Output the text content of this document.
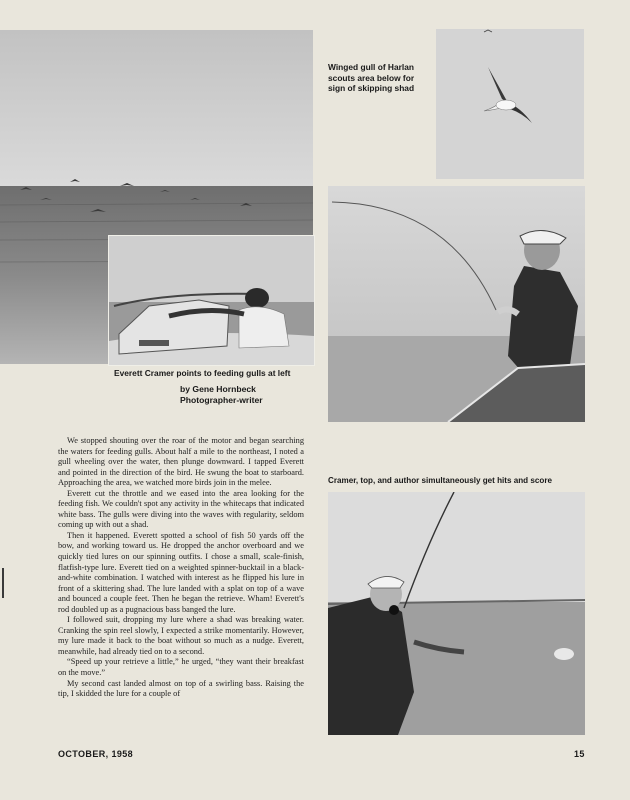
Winged gull of Harlan
scouts area below for
sign of skipping shad
Everett Cramer points to feeding gulls at left
Cramer, top, and author simultaneously get hits and score
by Gene Hornbeck
Photographer-writer

We stopped shouting over the roar of the motor and began searching the waters for feeding gulls. About half a mile to the northeast, I noted a gull wheeling over the water, then plunge downward. I tapped Everett and pointed in the direction of the bird. He swung the boat to starboard. Approaching the area, we watched more birds join in the melee.

Everett cut the throttle and we eased into the area looking for the feeding fish. We couldn't spot any activity in the whitecaps that indicated white bass. The gulls were diving into the waves with regularity, seldom coming up with out a shad.

Then it happened. Everett spotted a school of fish 50 yards off the bow, and working toward us. He dropped the anchor overboard and we quickly tied lures on our spinning outfits. I chose a small, scale-finish, flatfish-type lure. Everett tied on a weighted spinner-bucktail in a black-and-white combination. I watched with interest as he flipped his lure in front of a skittering shad. The lure landed with a splat on top of a wave and bounced a couple feet. Then he began the retrieve. Wham! Everett's rod doubled up as a pugnacious bass banged the lure.

I followed suit, dropping my lure where a shad was breaking water. Cranking the spin reel slowly, I expected a strike momentarily. However, my lure made it back to the boat without so much as a nudge. Everett, meanwhile, had already tied on to a second.

“Speed up your retrieve a little,” he urged, “they want their breakfast on the move.”

My second cast landed almost on top of a swirling bass. Raising the tip, I skidded the lure for a couple of

OCTOBER, 1958	15
